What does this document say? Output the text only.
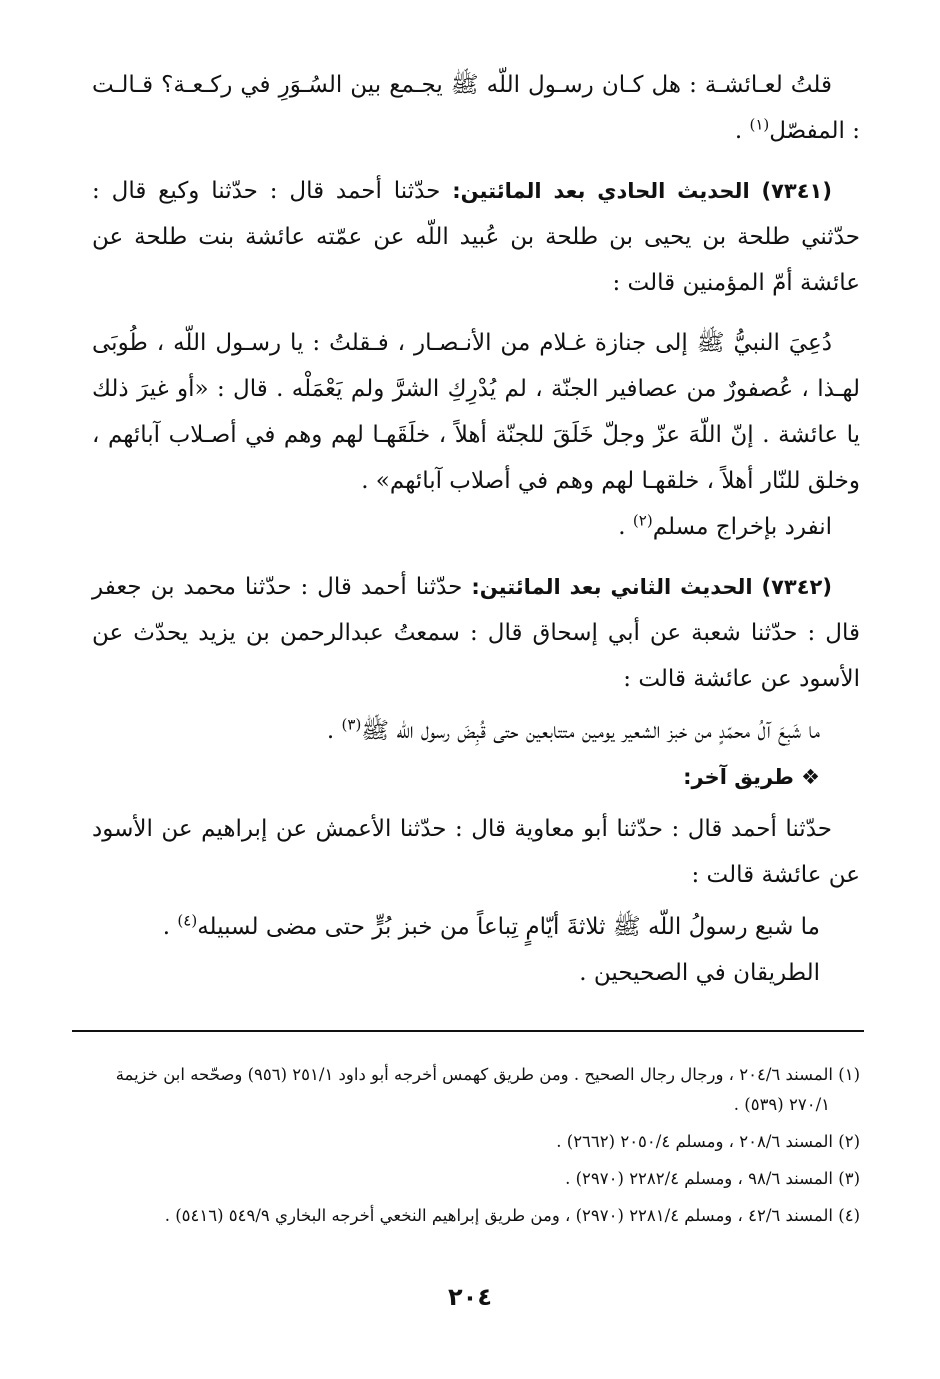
قلتُ لعـائشـة : هل كـان رسـول اللّه ﷺ يجـمع بين السُـوَرِ في ركـعـة؟ قـالـت : المفصّل$^{(١)}$ .

(٧٣٤١) الحديث الحادي بعد المائتين: حدّثنا أحمد قال : حدّثنا وكيع قال : حدّثني طلحة بن يحيى بن طلحة بن عُبيد اللّه عن عمّته عائشة بنت طلحة عن عائشة أمّ المؤمنين قالت :

دُعِيَ النبيُّ ﷺ إلى جنازة غـلام من الأنـصـار ، فـقلتُ : يا رسـول اللّه ، طُوبَى لهـذا ، عُصفورٌ من عصافير الجنّة ، لم يُدْرِكِ الشرَّ ولم يَعْمَلْه . قال : «أو غيرَ ذلك يا عائشة . إنّ اللّهَ عزّ وجلّ خَلَقَ للجنّة أهلاً ، خلَقَهـا لهم وهم في أصـلاب آبائهم ، وخلق للنّار أهلاً ، خلقهـا لهم وهم في أصلاب آبائهم» .

انفرد بإخراج مسلم$^{(٢)}$ .

(٧٣٤٢) الحديث الثاني بعد المائتين: حدّثنا أحمد قال : حدّثنا محمد بن جعفر قال : حدّثنا شعبة عن أبي إسحاق قال : سمعتُ عبدالرحمن بن يزيد يحدّث عن الأسود عن عائشة قالت :

ما شَبِعَ آلُ محمّدٍ من خبز الشعير يومين متتابعين حتى قُبِضَ رسول اللّه ﷺ$^{(٣)}$ .

❖ طريق آخر:

حدّثنا أحمد قال : حدّثنا أبو معاوية قال : حدّثنا الأعمش عن إبراهيم عن الأسود عن عائشة قالت :

ما شبع رسولُ اللّه ﷺ ثلاثةَ أيّامٍ تِباعاً من خبز بُرٍّ حتى مضى لسبيله$^{(٤)}$ .

الطريقان في الصحيحين .

(١) المسند ٢٠٤/٦ ، ورجال رجال الصحيح . ومن طريق كهمس أخرجه أبو داود ٢٥١/١ (٩٥٦) وصحّحه ابن خزيمة ٢٧٠/١ (٥٣٩) .

(٢) المسند ٢٠٨/٦ ، ومسلم ٢٠٥٠/٤ (٢٦٦٢) .

(٣) المسند ٩٨/٦ ، ومسلم ٢٢٨٢/٤ (٢٩٧٠) .

(٤) المسند ٤٢/٦ ، ومسلم ٢٢٨١/٤ (٢٩٧٠) ، ومن طريق إبراهيم النخعي أخرجه البخاري ٥٤٩/٩ (٥٤١٦) .

٢٠٤
